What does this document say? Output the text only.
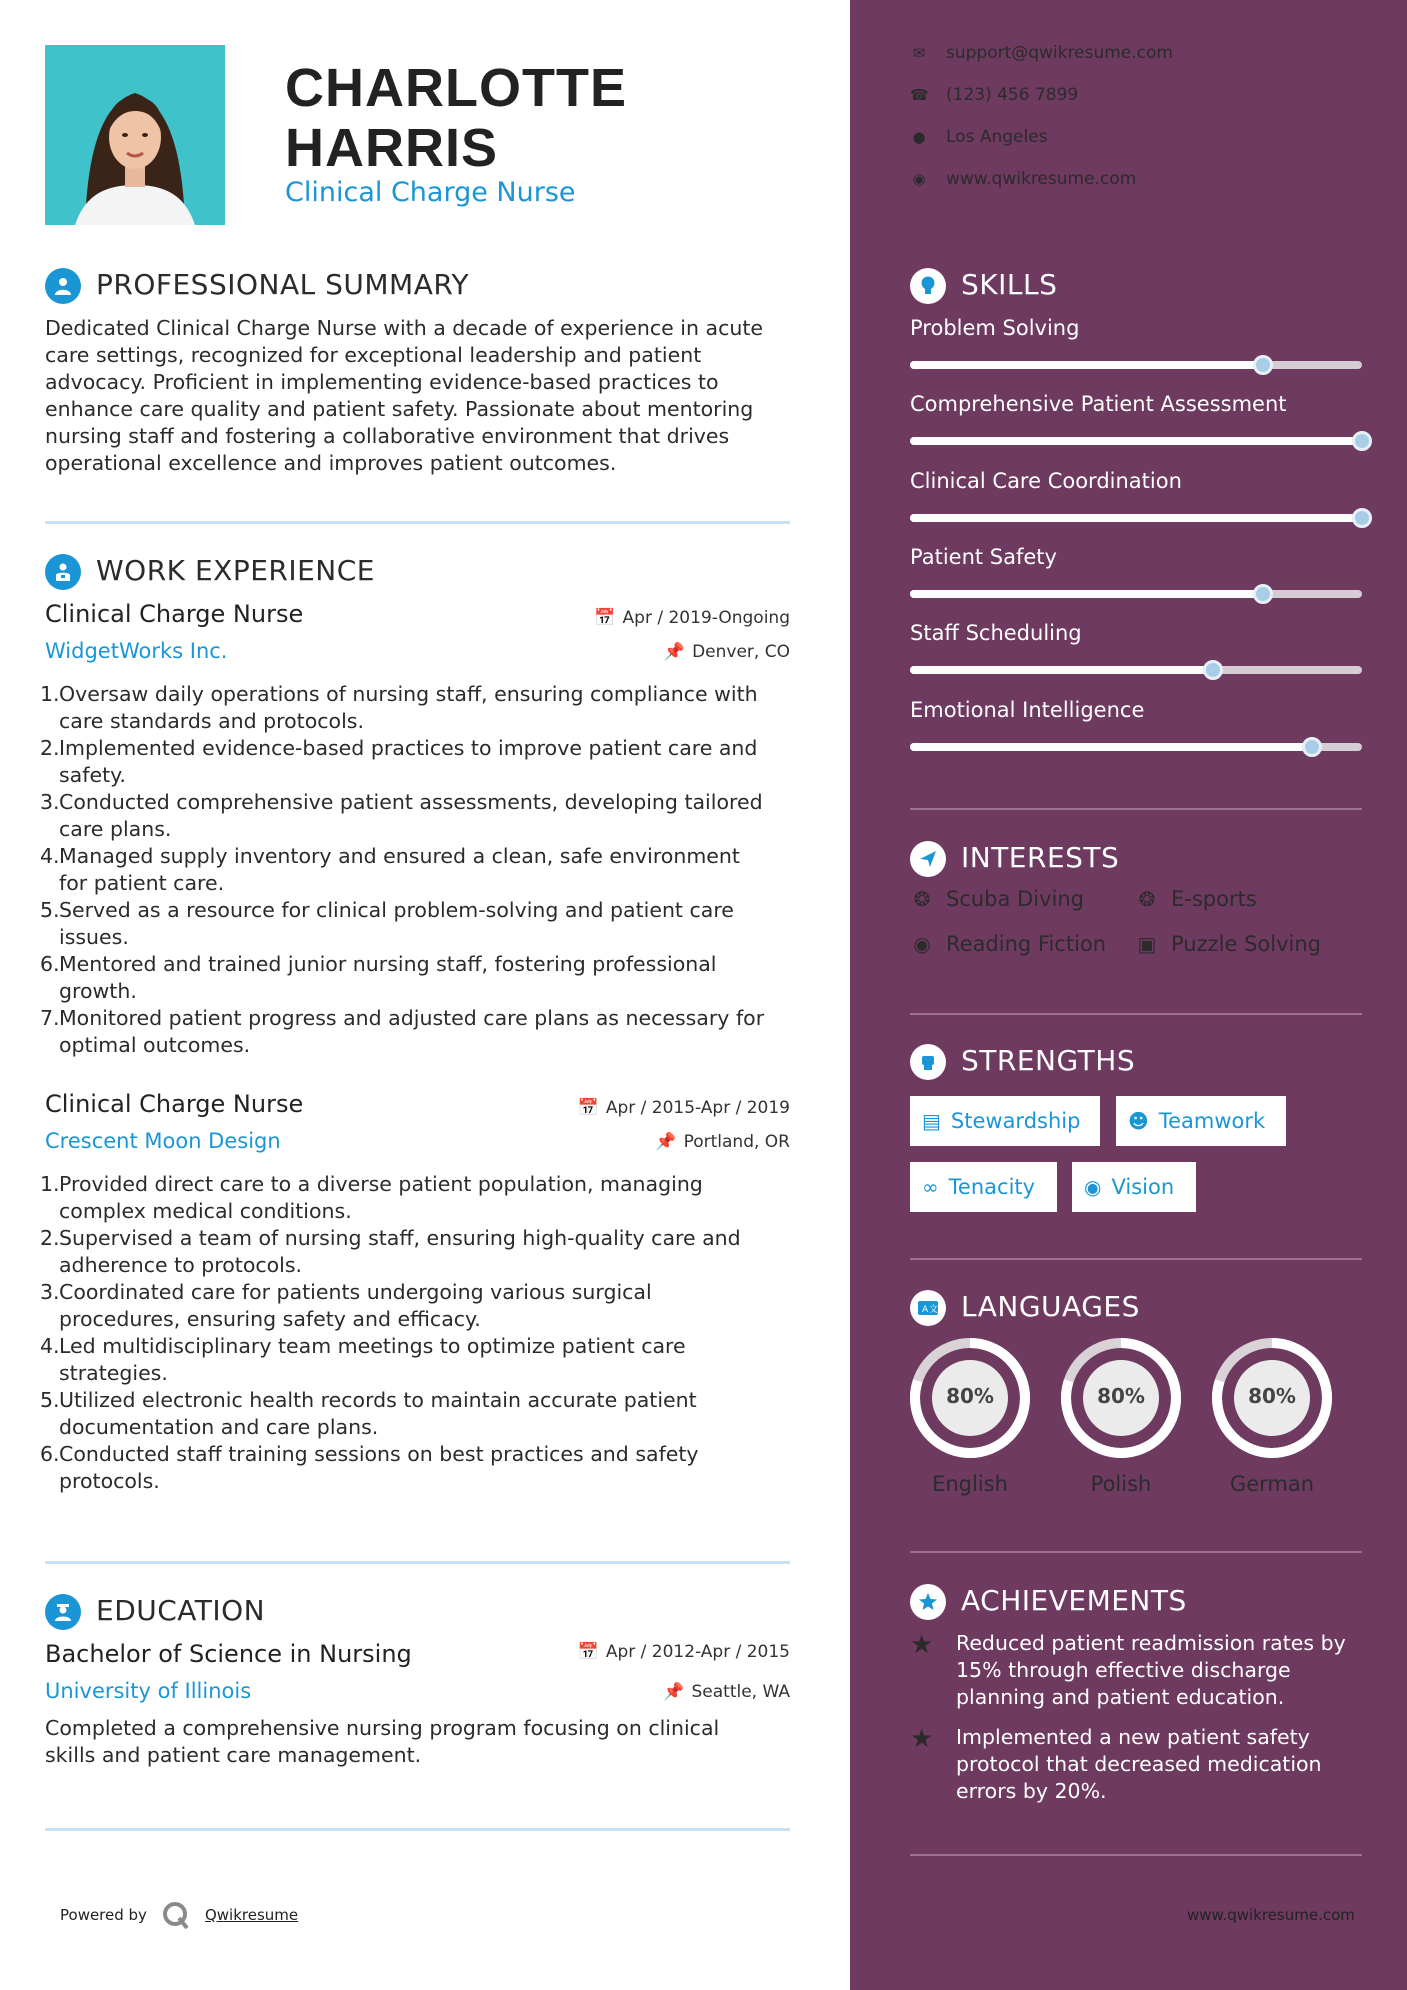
CHARLOTTE
HARRIS
Clinical Charge Nurse
PROFESSIONAL SUMMARY
Dedicated Clinical Charge Nurse with a decade of experience in acute
care settings, recognized for exceptional leadership and patient
advocacy. Proficient in implementing evidence-based practices to
enhance care quality and patient safety. Passionate about mentoring
nursing staff and fostering a collaborative environment that drives
operational excellence and improves patient outcomes.
WORK EXPERIENCE
Clinical Charge Nurse	📅 Apr / 2019-Ongoing
WidgetWorks Inc.	📌 Denver, CO
1. Oversaw daily operations of nursing staff, ensuring compliance with
care standards and protocols.
2. Implemented evidence-based practices to improve patient care and
safety.
3. Conducted comprehensive patient assessments, developing tailored
care plans.
4. Managed supply inventory and ensured a clean, safe environment
for patient care.
5. Served as a resource for clinical problem-solving and patient care
issues.
6. Mentored and trained junior nursing staff, fostering professional
growth.
7. Monitored patient progress and adjusted care plans as necessary for
optimal outcomes.
Clinical Charge Nurse	📅 Apr / 2015-Apr / 2019
Crescent Moon Design	📌 Portland, OR
1. Provided direct care to a diverse patient population, managing
complex medical conditions.
2. Supervised a team of nursing staff, ensuring high-quality care and
adherence to protocols.
3. Coordinated care for patients undergoing various surgical
procedures, ensuring safety and efficacy.
4. Led multidisciplinary team meetings to optimize patient care
strategies.
5. Utilized electronic health records to maintain accurate patient
documentation and care plans.
6. Conducted staff training sessions on best practices and safety
protocols.
EDUCATION
Bachelor of Science in Nursing	📅 Apr / 2012-Apr / 2015
University of Illinois	📌 Seattle, WA
Completed a comprehensive nursing program focusing on clinical
skills and patient care management.
Powered by	Qwikresume
✉ support@qwikresume.com
☎ (123) 456 7899
● Los Angeles
◉ www.qwikresume.com
SKILLS
Problem Solving
Comprehensive Patient Assessment
Clinical Care Coordination
Patient Safety
Staff Scheduling
Emotional Intelligence
INTERESTS
❂ Scuba Diving	❂ E-sports
◉ Reading Fiction ▣ Puzzle Solving
STRENGTHS
▤ Stewardship ☻ Teamwork
∞ Tenacity ◉ Vision
A 文 LANGUAGES
80%
English
80%
Polish
80%
German
ACHIEVEMENTS
★ Reduced patient readmission rates by
15% through effective discharge
planning and patient education.
★ Implemented a new patient safety
protocol that decreased medication
errors by 20%.
www.qwikresume.com
